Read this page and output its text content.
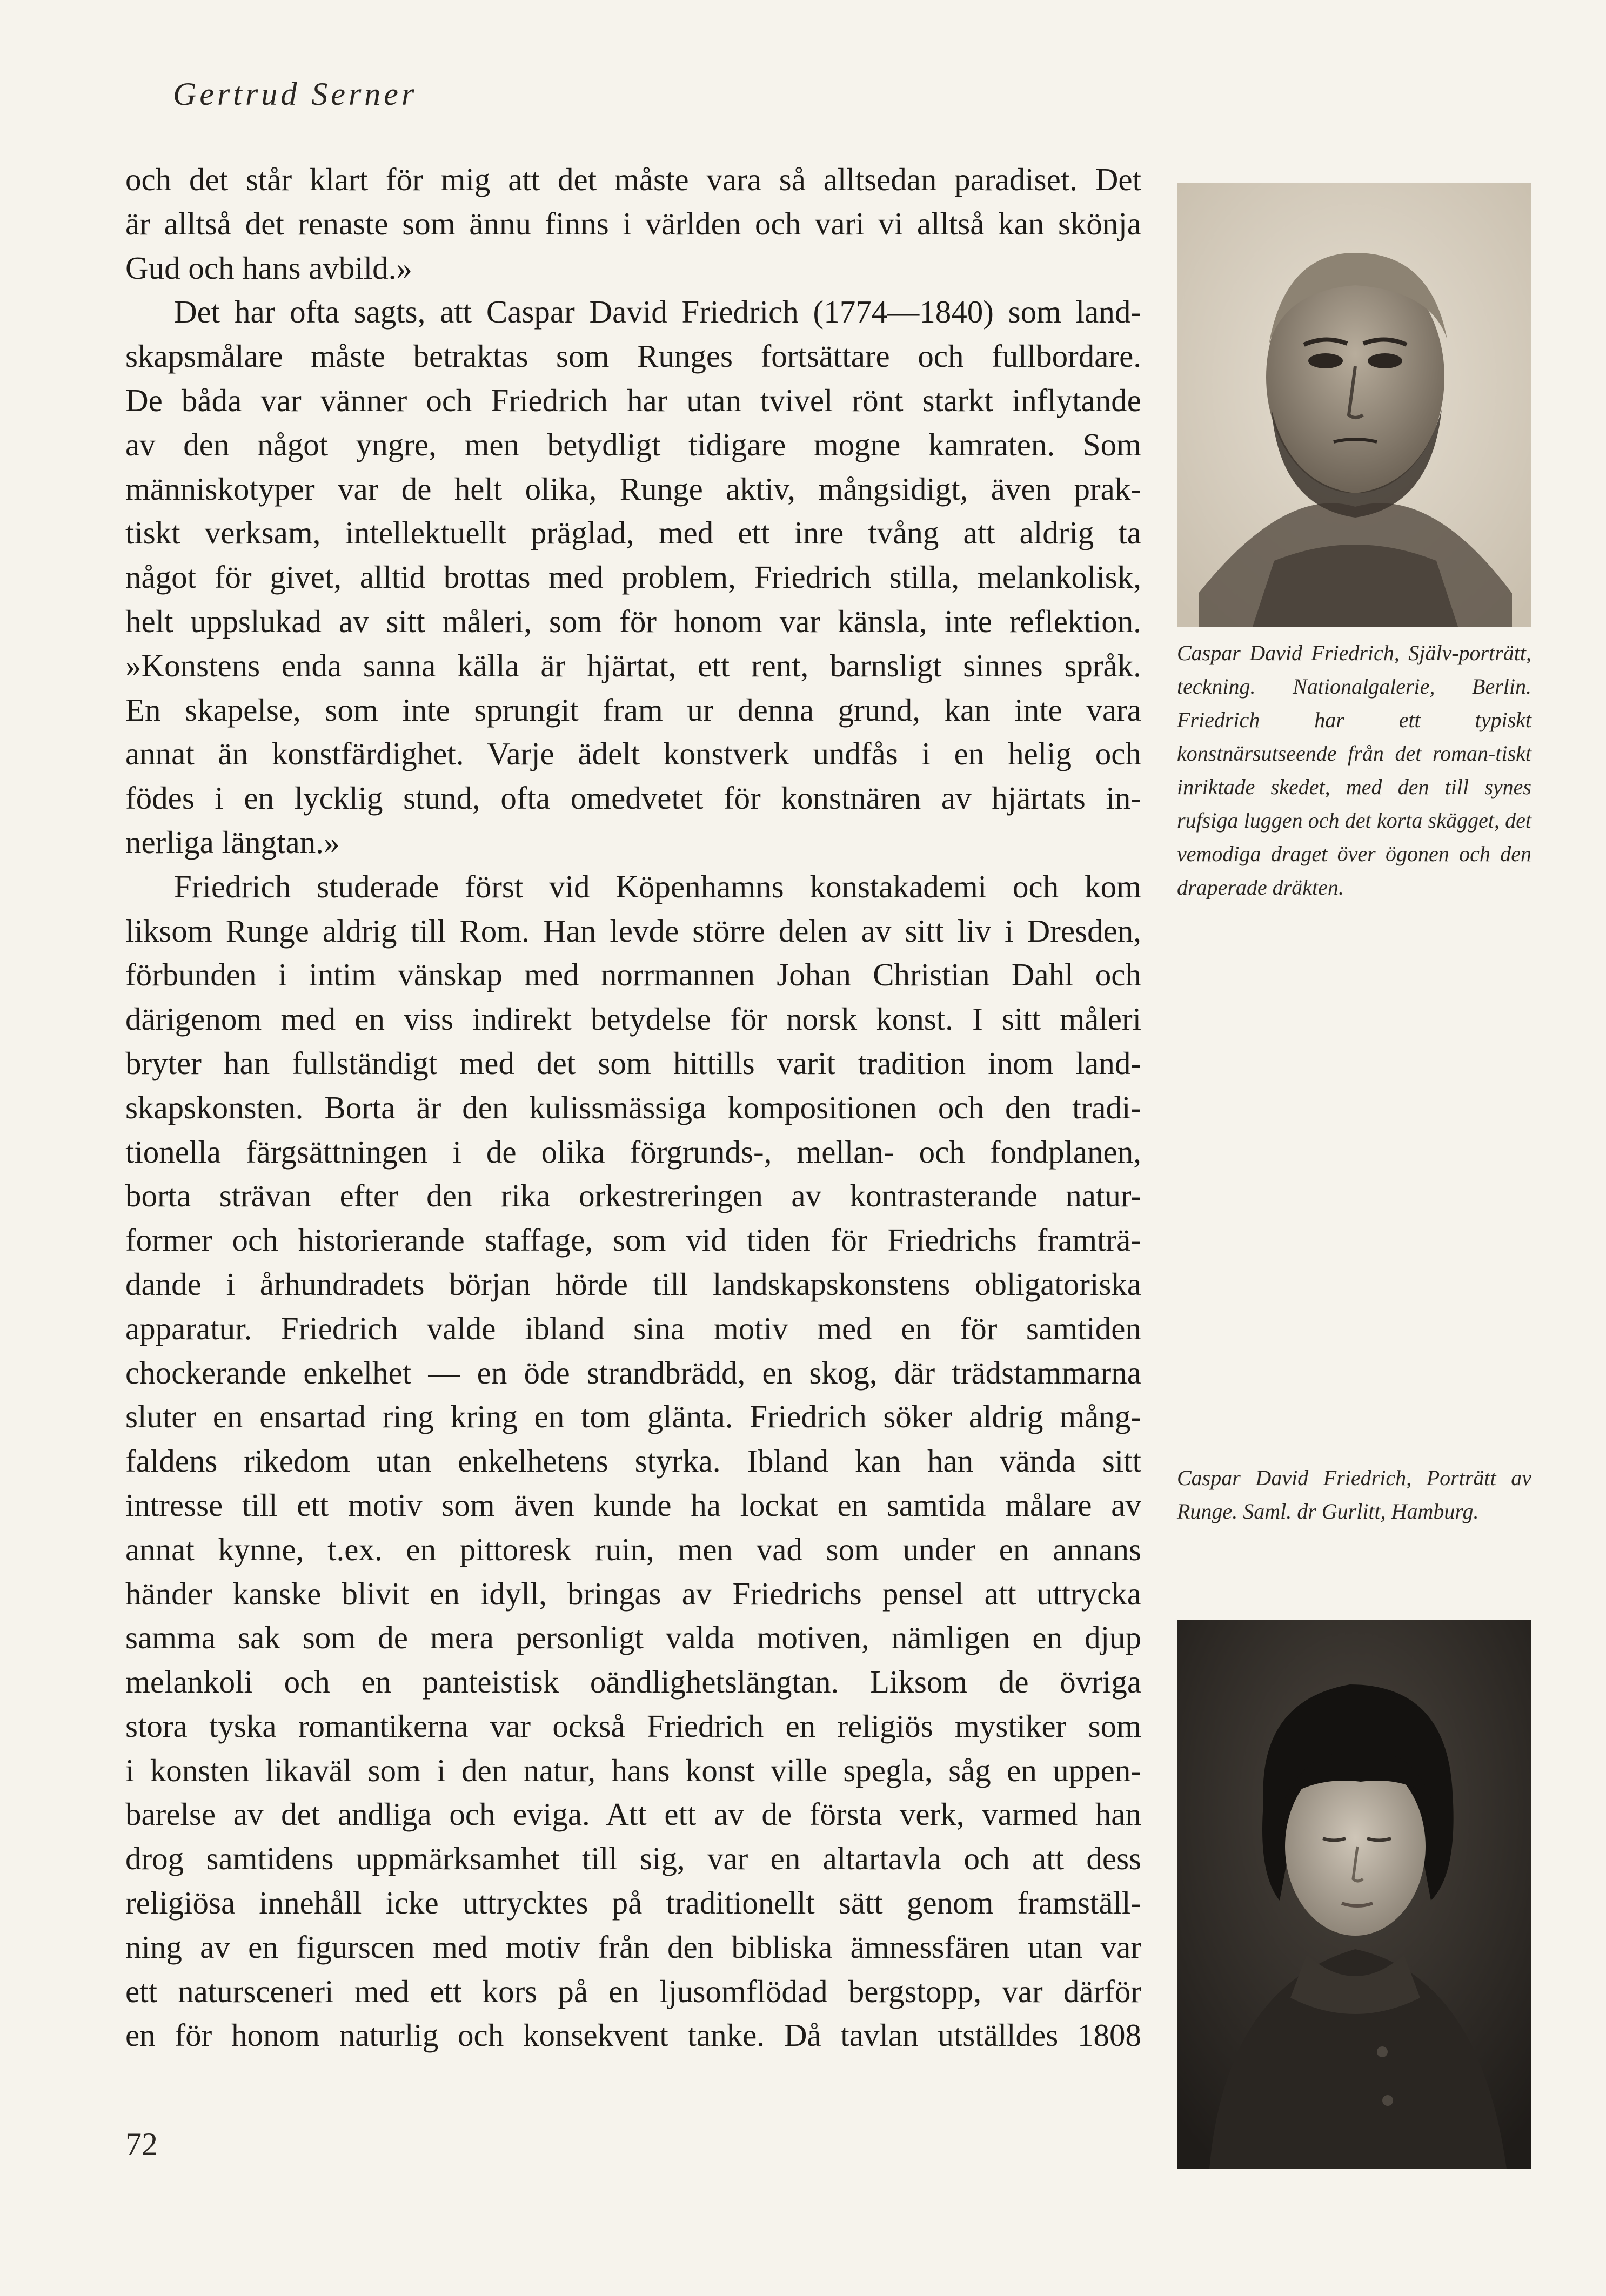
Gertrud Serner

och det står klart för mig att det måste vara så alltsedan paradiset. Det
är alltså det renaste som ännu finns i världen och vari vi alltså kan skönja
Gud och hans avbild.»

Det har ofta sagts, att Caspar David Friedrich (1774—1840) som land-
skapsmålare måste betraktas som Runges fortsättare och fullbordare.
De båda var vänner och Friedrich har utan tvivel rönt starkt inflytande
av den något yngre, men betydligt tidigare mogne kamraten. Som
människotyper var de helt olika, Runge aktiv, mångsidigt, även prak-
tiskt verksam, intellektuellt präglad, med ett inre tvång att aldrig ta
något för givet, alltid brottas med problem, Friedrich stilla, melankolisk,
helt uppslukad av sitt måleri, som för honom var känsla, inte reflektion.
»Konstens enda sanna källa är hjärtat, ett rent, barnsligt sinnes språk.
En skapelse, som inte sprungit fram ur denna grund, kan inte vara
annat än konstfärdighet. Varje ädelt konstverk undfås i en helig och
födes i en lycklig stund, ofta omedvetet för konstnären av hjärtats in-
nerliga längtan.»

Friedrich studerade först vid Köpenhamns konstakademi och kom
liksom Runge aldrig till Rom. Han levde större delen av sitt liv i Dresden,
förbunden i intim vänskap med norrmannen Johan Christian Dahl och
därigenom med en viss indirekt betydelse för norsk konst. I sitt måleri
bryter han fullständigt med det som hittills varit tradition inom land-
skapskonsten. Borta är den kulissmässiga kompositionen och den tradi-
tionella färgsättningen i de olika förgrunds-, mellan- och fondplanen,
borta strävan efter den rika orkestreringen av kontrasterande natur-
former och historierande staffage, som vid tiden för Friedrichs framträ-
dande i århundradets början hörde till landskapskonstens obligatoriska
apparatur. Friedrich valde ibland sina motiv med en för samtiden
chockerande enkelhet — en öde strandbrädd, en skog, där trädstammarna
sluter en ensartad ring kring en tom glänta. Friedrich söker aldrig mång-
faldens rikedom utan enkelhetens styrka. Ibland kan han vända sitt
intresse till ett motiv som även kunde ha lockat en samtida målare av
annat kynne, t.ex. en pittoresk ruin, men vad som under en annans
händer kanske blivit en idyll, bringas av Friedrichs pensel att uttrycka
samma sak som de mera personligt valda motiven, nämligen en djup
melankoli och en panteistisk oändlighetslängtan. Liksom de övriga
stora tyska romantikerna var också Friedrich en religiös mystiker som
i konsten likaväl som i den natur, hans konst ville spegla, såg en uppen-
barelse av det andliga och eviga. Att ett av de första verk, varmed han
drog samtidens uppmärksamhet till sig, var en altartavla och att dess
religiösa innehåll icke uttrycktes på traditionellt sätt genom framställ-
ning av en figurscen med motiv från den bibliska ämnessfären utan var
ett natursceneri med ett kors på en ljusomflödad bergstopp, var därför
en för honom naturlig och konsekvent tanke. Då tavlan utställdes 1808

Caspar David Friedrich, Själv-porträtt, teckning. Nationalgalerie, Berlin. Friedrich har ett typiskt konstnärsutseende från det roman-tiskt inriktade skedet, med den till synes rufsiga luggen och det korta skägget, det vemodiga draget över ögonen och den draperade dräkten.

Caspar David Friedrich, Porträtt av Runge. Saml. dr Gurlitt, Hamburg.

72
